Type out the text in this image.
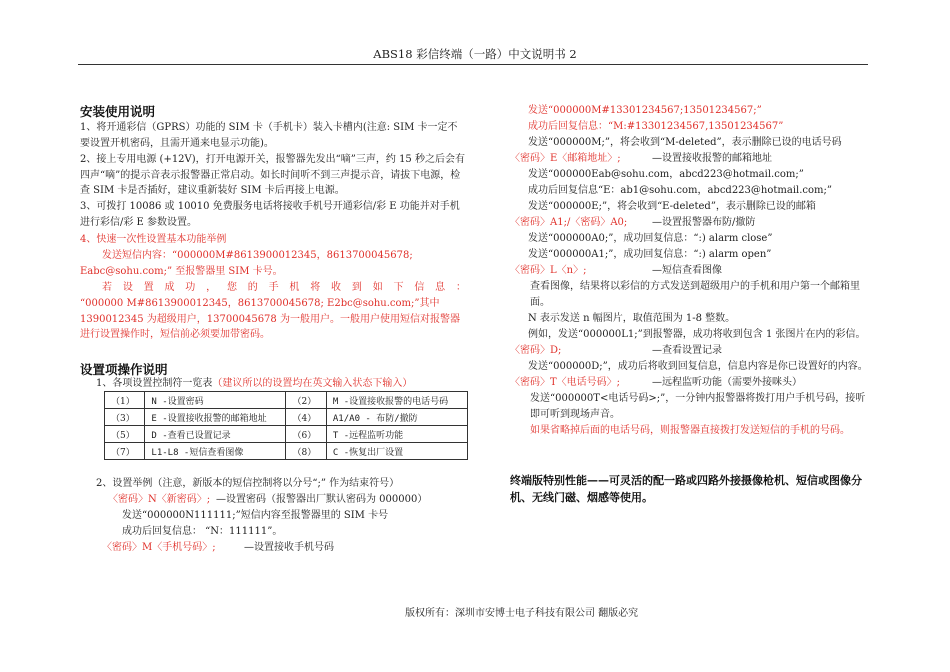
ABS18 彩信终端（一路）中文说明书 2
安装使用说明
1、将开通彩信（GPRS）功能的 SIM 卡（手机卡）装入卡槽内(注意: SIM 卡一定不要设置开机密码，且需开通来电显示功能)。
2、接上专用电源 (+12V)，打开电源开关，报警器先发出“嘀”三声，约 15 秒之后会有四声“嘀”的提示音表示报警器正常启动。如长时间听不到三声提示音，请拔下电源，检查 SIM 卡是否插好，建议重新装好 SIM 卡后再接上电源。
3、可拨打 10086 或 10010 免费服务电话将接收手机号开通彩信/彩 E 功能并对手机进行彩信/彩 E 参数设置。
4、快速一次性设置基本功能举例
发送短信内容：“000000M#8613900012345，8613700045678; Eabc@sohu.com;” 至报警器里 SIM 卡号。
若设置成功，您的手机将收到如下信息：
“000000 M#8613900012345，8613700045678; E2bc@sohu.com;”其中 1390012345 为超级用户，13700045678 为一般用户。一般用户使用短信对报警器进行设置操作时，短信前必须要加带密码。
设置项操作说明
1、各项设置控制符一览表（建议所以的设置均在英文输入状态下输入）
（1）	N -设置密码	（2）	M -设置接收报警的电话号码
（3）	E -设置接收报警的邮箱地址	（4）	A1/A0 - 布防/撤防
（5）	D -查看已设置记录	（6）	T -远程监听功能
（7）	L1-L8 -短信查看图像	（8）	C -恢复出厂设置
2、设置举例（注意，新版本的短信控制将以分号“;” 作为结束符号）
〈密码〉N〈新密码〉; —设置密码（报警器出厂默认密码为 000000）
发送“000000N111111;”短信内容至报警器里的 SIM 卡号
成功后回复信息： “N：111111”。
〈密码〉M〈手机号码〉;	—设置接收手机号码
发送“000000M#13301234567;13501234567;”
成功后回复信息：“M:#13301234567,13501234567”
发送“000000M;”，将会收到“M-deleted”，表示删除已设的电话号码
〈密码〉E〈邮箱地址〉;	—设置接收报警的邮箱地址
发送“000000Eab@sohu.com，abcd223@hotmail.com;”
成功后回复信息“E：ab1@sohu.com，abcd223@hotmail.com;”
发送“000000E;”，将会收到“E-deleted”，表示删除已设的邮箱
〈密码〉A1;/〈密码〉A0; —设置报警器布防/撤防
发送“000000A0;”，成功回复信息：“:) alarm close”
发送“000000A1;”，成功回复信息：“:) alarm open”
〈密码〉L〈n〉;	—短信查看图像
查看图像，结果将以彩信的方式发送到超级用户的手机和用户第一个邮箱里面。
N 表示发送 n 幅图片，取值范围为 1-8 整数。
例如，发送“000000L1;”到报警器，成功将收到包含 1 张图片在内的彩信。
〈密码〉D;	—查看设置记录
发送“000000D;”，成功后将收到回复信息，信息内容是你已设置好的内容。
〈密码〉T〈电话号码〉;	—远程监听功能（需要外接咪头）
发送“000000T<电话号码>;”，一分钟内报警器将拨打用户手机号码，接听即可听到现场声音。
如果省略掉后面的电话号码，则报警器直接拨打发送短信的手机的号码。
终端版特别性能——可灵活的配一路或四路外接摄像枪机、短信或图像分机、无线门磁、烟感等使用。
版权所有：深圳市安博士电子科技有限公司 翻版必究
